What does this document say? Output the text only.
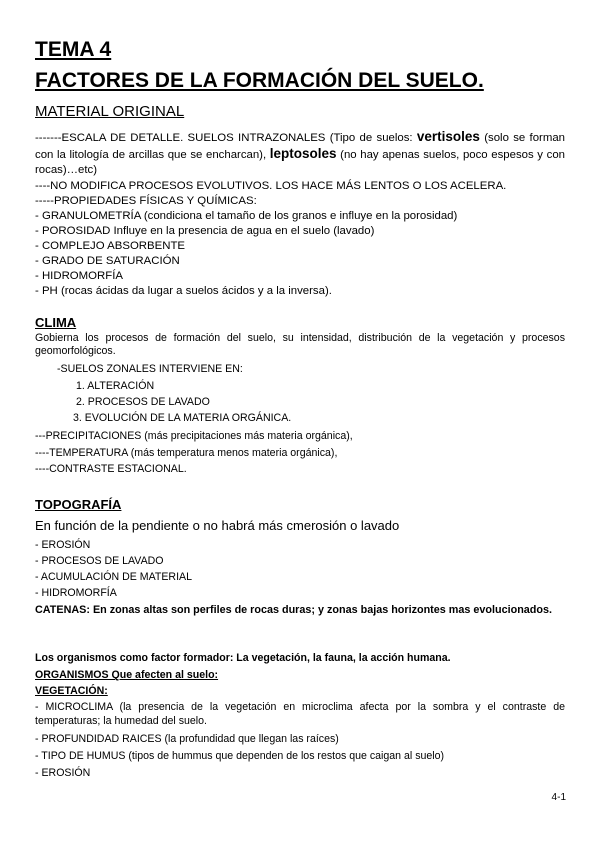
TEMA 4
FACTORES DE LA FORMACIÓN DEL SUELO.
MATERIAL ORIGINAL
-------ESCALA DE DETALLE. SUELOS INTRAZONALES (Tipo de suelos: vertisoles (solo se forman con la litología de arcillas que se encharcan), leptosoles (no hay apenas suelos, poco espesos y con rocas)…etc)
----NO MODIFICA PROCESOS EVOLUTIVOS. LOS HACE MÁS LENTOS O LOS ACELERA.
-----PROPIEDADES FÍSICAS Y QUÍMICAS:
- GRANULOMETRÍA (condiciona el tamaño de los granos e influye en la porosidad)
- POROSIDAD Influye en la presencia de agua en el suelo (lavado)
- COMPLEJO ABSORBENTE
- GRADO DE SATURACIÓN
- HIDROMORFÍA
- PH (rocas ácidas da lugar a suelos ácidos y a la inversa).
CLIMA
Gobierna los procesos de formación del suelo, su intensidad, distribución de la vegetación y procesos geomorfológicos.
-SUELOS ZONALES INTERVIENE EN:
1. ALTERACIÓN
2. PROCESOS DE LAVADO
3. EVOLUCIÓN DE LA MATERIA ORGÁNICA.
---PRECIPITACIONES (más precipitaciones más materia orgánica),
----TEMPERATURA (más temperatura menos materia orgánica),
----CONTRASTE ESTACIONAL.
TOPOGRAFÍA
En función de la pendiente o no habrá más cmerosión o lavado
- EROSIÓN
- PROCESOS DE LAVADO
- ACUMULACIÓN DE MATERIAL
- HIDROMORFÍA
CATENAS: En zonas altas son perfiles de rocas duras; y zonas bajas horizontes mas evolucionados.
Los organismos como factor formador: La vegetación, la fauna, la acción humana.
ORGANISMOS Que afecten al suelo:
VEGETACIÓN:
- MICROCLIMA (la presencia de la vegetación en microclima afecta por la sombra y el contraste de temperaturas; la humedad del suelo.
- PROFUNDIDAD RAICES (la profundidad que llegan las raíces)
- TIPO DE HUMUS (tipos de hummus que dependen de los restos que caigan al suelo)
- EROSIÓN
4-1
